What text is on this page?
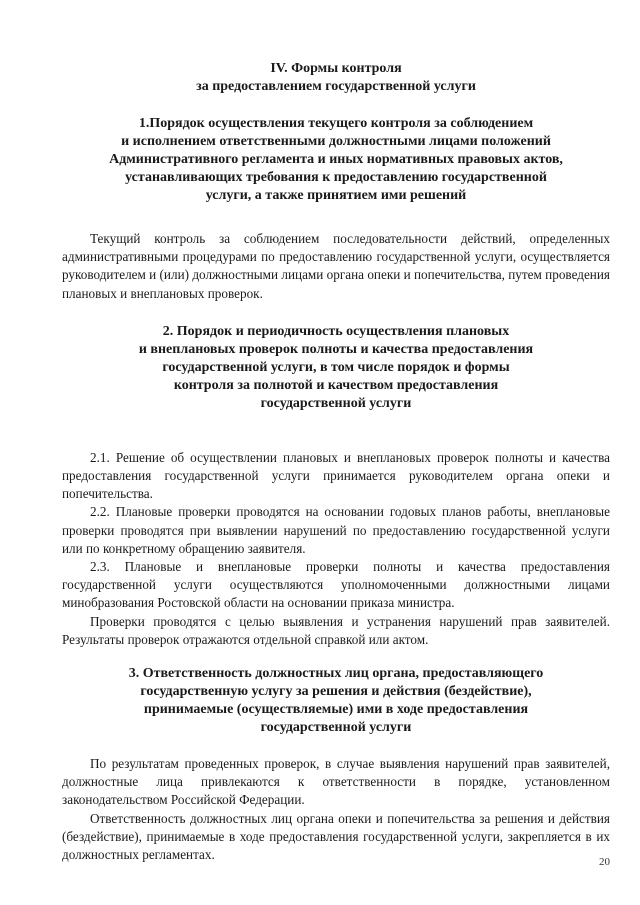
IV. Формы контроля
за предоставлением государственной услуги
1.Порядок осуществления текущего контроля за соблюдением
и исполнением ответственными должностными лицами положений
Административного регламента и иных нормативных правовых актов,
устанавливающих требования к предоставлению государственной
услуги, а также принятием ими решений

Текущий контроль за соблюдением последовательности действий, определенных административными процедурами по предоставлению государственной услуги, осуществляется руководителем и (или) должностными лицами органа опеки и попечительства, путем проведения плановых и внеплановых проверок.

2. Порядок и периодичность осуществления плановых
и внеплановых проверок полноты и качества предоставления
государственной услуги, в том числе порядок и формы
контроля за полнотой и качеством предоставления
государственной услуги

2.1. Решение об осуществлении плановых и внеплановых проверок полноты и качества предоставления государственной услуги принимается руководителем органа опеки и попечительства.

2.2. Плановые проверки проводятся на основании годовых планов работы, внеплановые проверки проводятся при выявлении нарушений по предоставлению государственной услуги или по конкретному обращению заявителя.

2.3. Плановые и внеплановые проверки полноты и качества предоставления государственной услуги осуществляются уполномоченными должностными лицами минобразования Ростовской области на основании приказа министра.

Проверки проводятся с целью выявления и устранения нарушений прав заявителей. Результаты проверок отражаются отдельной справкой или актом.

3. Ответственность должностных лиц органа, предоставляющего
государственную услугу за решения и действия (бездействие),
принимаемые (осуществляемые) ими в ходе предоставления
государственной услуги

По результатам проведенных проверок, в случае выявления нарушений прав заявителей, должностные лица привлекаются к ответственности в порядке, установленном законодательством Российской Федерации.

Ответственность должностных лиц органа опеки и попечительства за решения и действия (бездействие), принимаемые в ходе предоставления государственной услуги, закрепляется в их должностных регламентах.	20
